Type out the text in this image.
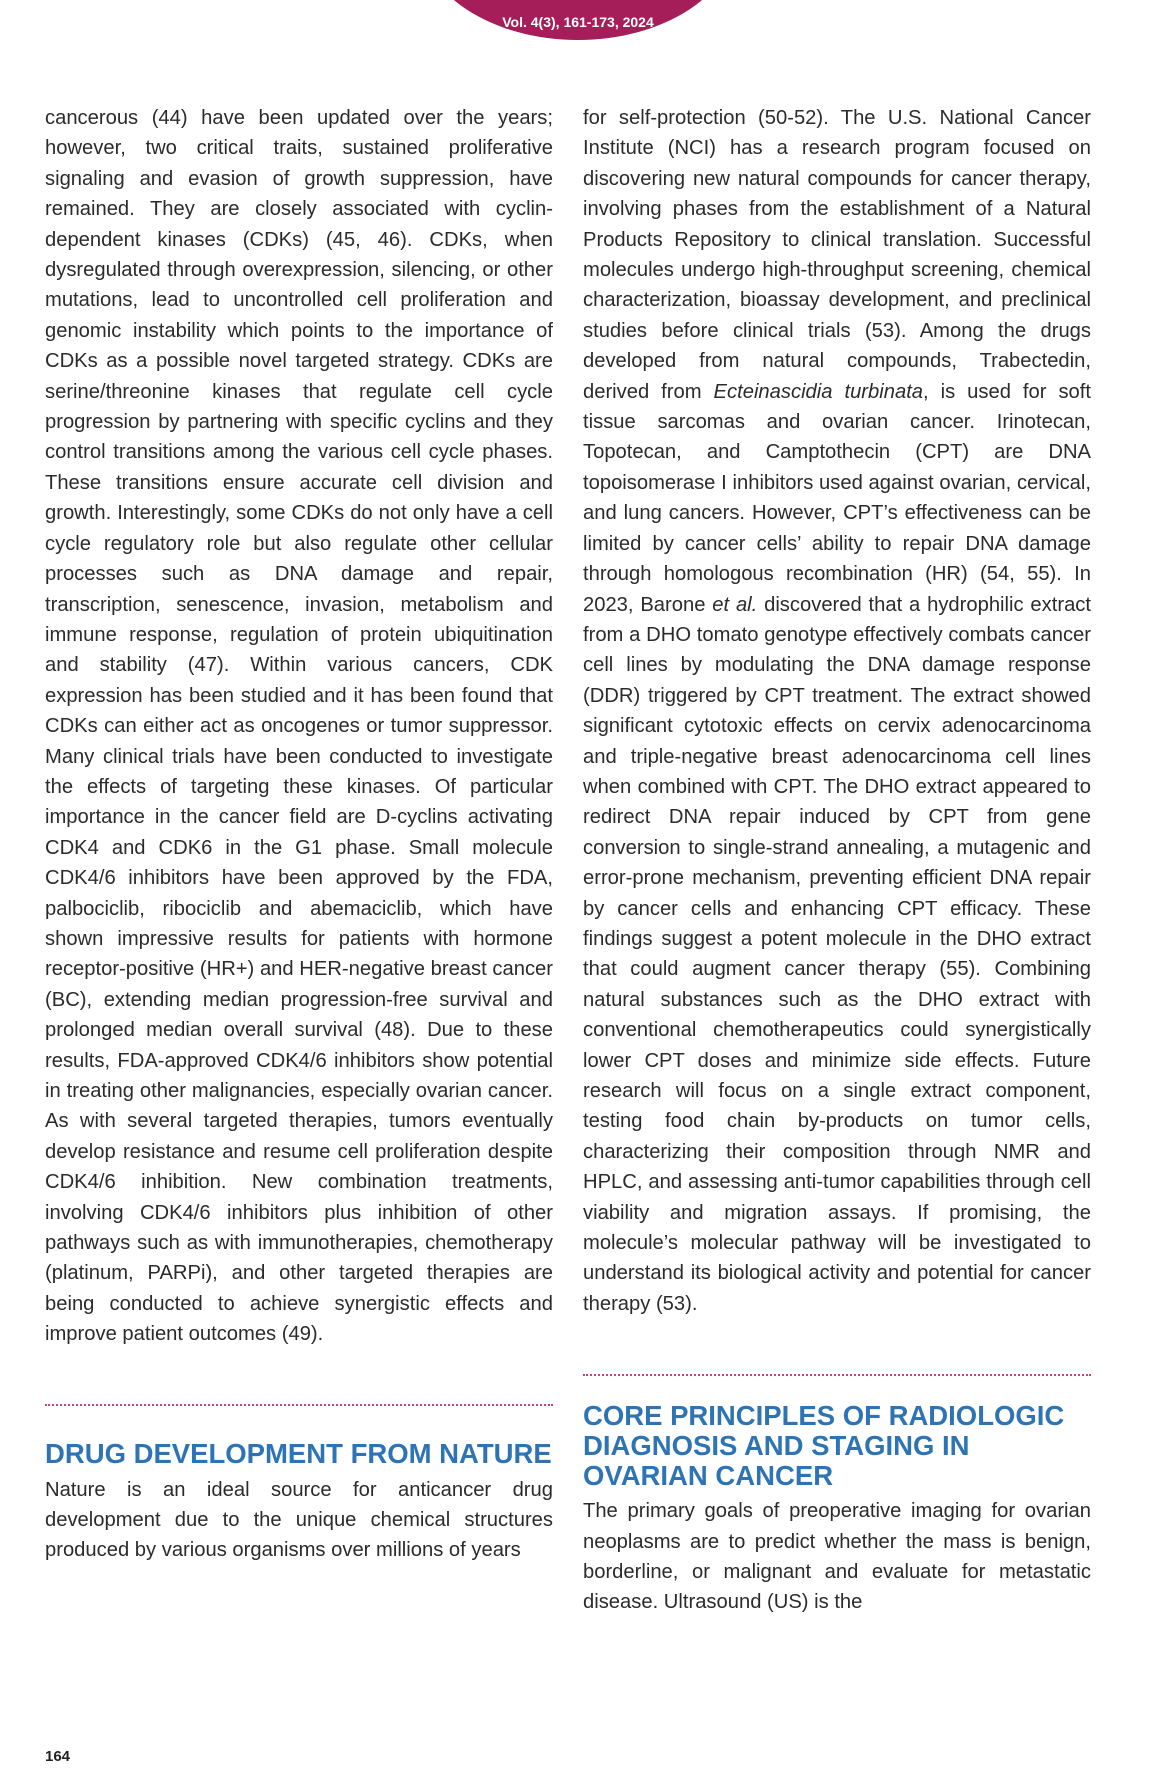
Vol. 4(3), 161-173, 2024

cancerous (44) have been updated over the years; however, two critical traits, sustained proliferative signaling and evasion of growth suppression, have remained. They are closely associated with cyclin-dependent kinases (CDKs) (45, 46). CDKs, when dysregulated through overexpression, silencing, or other mutations, lead to uncontrolled cell proliferation and genomic instability which points to the importance of CDKs as a possible novel targeted strategy. CDKs are serine/threonine kinases that regulate cell cycle progression by partnering with specific cyclins and they control transitions among the various cell cycle phases. These transitions ensure accurate cell division and growth. Interestingly, some CDKs do not only have a cell cycle regulatory role but also regulate other cellular processes such as DNA damage and repair, transcription, senescence, invasion, metabolism and immune response, regulation of protein ubiquitination and stability (47). Within various cancers, CDK expression has been studied and it has been found that CDKs can either act as oncogenes or tumor suppressor. Many clinical trials have been conducted to investigate the effects of targeting these kinases. Of particular importance in the cancer field are D-cyclins activating CDK4 and CDK6 in the G1 phase. Small molecule CDK4/6 inhibitors have been approved by the FDA, palbociclib, ribociclib and abemaciclib, which have shown impressive results for patients with hormone receptor-positive (HR+) and HER-negative breast cancer (BC), extending median progression-free survival and prolonged median overall survival (48). Due to these results, FDA-approved CDK4/6 inhibitors show potential in treating other malignancies, especially ovarian cancer. As with several targeted therapies, tumors eventually develop resistance and resume cell proliferation despite CDK4/6 inhibition. New combination treatments, involving CDK4/6 inhibitors plus inhibition of other pathways such as with immunotherapies, chemotherapy (platinum, PARPi), and other targeted therapies are being conducted to achieve synergistic effects and improve patient outcomes (49).

DRUG DEVELOPMENT FROM NATURE

Nature is an ideal source for anticancer drug development due to the unique chemical structures produced by various organisms over millions of years

for self-protection (50-52). The U.S. National Cancer Institute (NCI) has a research program focused on discovering new natural compounds for cancer therapy, involving phases from the establishment of a Natural Products Repository to clinical translation. Successful molecules undergo high-throughput screening, chemical characterization, bioassay development, and preclinical studies before clinical trials (53). Among the drugs developed from natural compounds, Trabectedin, derived from Ecteinascidia turbinata, is used for soft tissue sarcomas and ovarian cancer. Irinotecan, Topotecan, and Camptothecin (CPT) are DNA topoisomerase I inhibitors used against ovarian, cervical, and lung cancers. However, CPT’s effectiveness can be limited by cancer cells’ ability to repair DNA damage through homologous recombination (HR) (54, 55). In 2023, Barone et al. discovered that a hydrophilic extract from a DHO tomato genotype effectively combats cancer cell lines by modulating the DNA damage response (DDR) triggered by CPT treatment. The extract showed significant cytotoxic effects on cervix adenocarcinoma and triple-negative breast adenocarcinoma cell lines when combined with CPT. The DHO extract appeared to redirect DNA repair induced by CPT from gene conversion to single-strand annealing, a mutagenic and error-prone mechanism, preventing efficient DNA repair by cancer cells and enhancing CPT efficacy. These findings suggest a potent molecule in the DHO extract that could augment cancer therapy (55). Combining natural substances such as the DHO extract with conventional chemotherapeutics could synergistically lower CPT doses and minimize side effects. Future research will focus on a single extract component, testing food chain by-products on tumor cells, characterizing their composition through NMR and HPLC, and assessing anti-tumor capabilities through cell viability and migration assays. If promising, the molecule’s molecular pathway will be investigated to understand its biological activity and potential for cancer therapy (53).

CORE PRINCIPLES OF RADIOLOGIC DIAGNOSIS AND STAGING IN OVARIAN CANCER

The primary goals of preoperative imaging for ovarian neoplasms are to predict whether the mass is benign, borderline, or malignant and evaluate for metastatic disease. Ultrasound (US) is the

164
